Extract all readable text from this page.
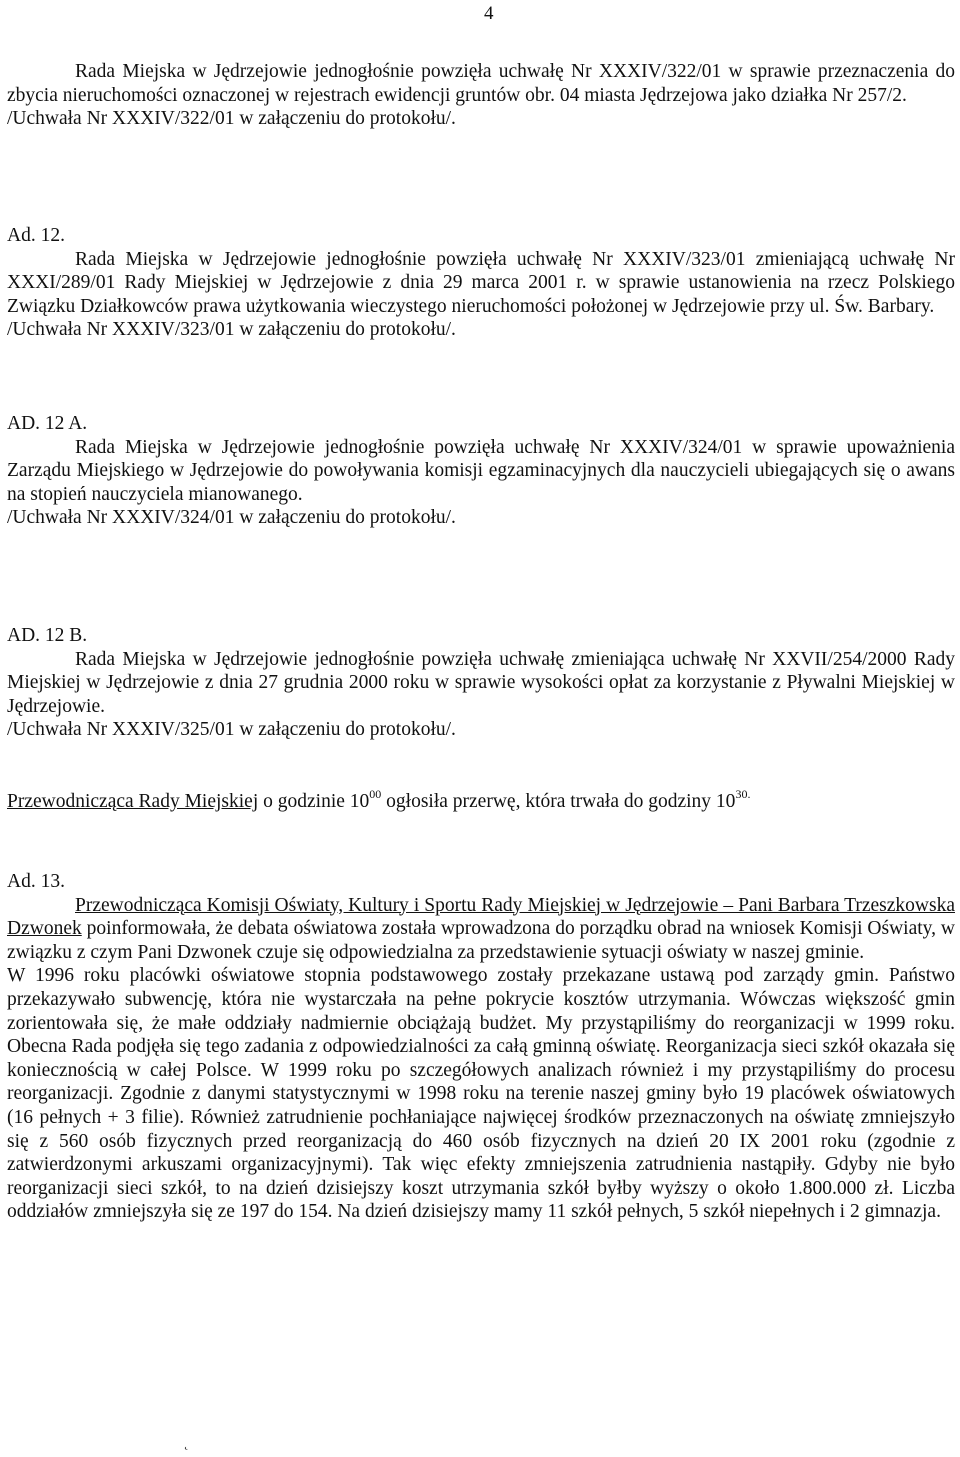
4

Rada Miejska w Jędrzejowie jednogłośnie powzięła uchwałę Nr XXXIV/322/01 w sprawie przeznaczenia do zbycia nieruchomości oznaczonej w rejestrach ewidencji gruntów obr. 04 miasta Jędrzejowa jako działka Nr 257/2.

/Uchwała Nr XXXIV/322/01 w załączeniu do protokołu/.

Ad. 12.

Rada Miejska w Jędrzejowie jednogłośnie powzięła uchwałę Nr XXXIV/323/01 zmieniającą uchwałę Nr XXXI/289/01 Rady Miejskiej w Jędrzejowie z dnia 29 marca 2001 r. w sprawie ustanowienia na rzecz Polskiego Związku Działkowców prawa użytkowania wieczystego nieruchomości położonej w Jędrzejowie przy ul. Św. Barbary.

/Uchwała Nr XXXIV/323/01 w załączeniu do protokołu/.

AD. 12 A.

Rada Miejska w Jędrzejowie jednogłośnie powzięła uchwałę Nr XXXIV/324/01 w sprawie upoważnienia Zarządu Miejskiego w Jędrzejowie do powoływania komisji egzaminacyjnych dla nauczycieli ubiegających się o awans na stopień nauczyciela mianowanego.

/Uchwała Nr XXXIV/324/01 w załączeniu do protokołu/.

AD. 12 B.

Rada Miejska w Jędrzejowie jednogłośnie powzięła uchwałę zmieniająca uchwałę Nr XXVII/254/2000 Rady Miejskiej w Jędrzejowie z dnia 27 grudnia 2000 roku w sprawie wysokości opłat za korzystanie z Pływalni Miejskiej w Jędrzejowie.

/Uchwała Nr XXXIV/325/01 w załączeniu do protokołu/.

Przewodnicząca Rady Miejskiej o godzinie $10^{00}$ ogłosiła przerwę, która trwała do godziny $10^{30.}$

Ad. 13.

Przewodnicząca Komisji Oświaty, Kultury i Sportu Rady Miejskiej w Jędrzejowie – Pani Barbara Trzeszkowska Dzwonek poinformowała, że debata oświatowa została wprowadzona do porządku obrad na wniosek Komisji Oświaty, w związku z czym Pani Dzwonek czuje się odpowiedzialna za przedstawienie sytuacji oświaty w naszej gminie.

W 1996 roku placówki oświatowe stopnia podstawowego zostały przekazane ustawą pod zarządy gmin. Państwo przekazywało subwencję, która nie wystarczała na pełne pokrycie kosztów utrzymania. Wówczas większość gmin zorientowała się, że małe oddziały nadmiernie obciążają budżet. My przystąpiliśmy do reorganizacji w 1999 roku. Obecna Rada podjęła się tego zadania z odpowiedzialności za całą gminną oświatę. Reorganizacja sieci szkół okazała się koniecznością w całej Polsce. W 1999 roku po szczegółowych analizach również i my przystąpiliśmy do procesu reorganizacji. Zgodnie z danymi statystycznymi w 1998 roku na terenie naszej gminy było 19 placówek oświatowych (16 pełnych + 3 filie). Również zatrudnienie pochłaniające najwięcej środków przeznaczonych na oświatę zmniejszyło się z 560 osób fizycznych przed reorganizacją do 460 osób fizycznych na dzień 20 IX 2001 roku (zgodnie z zatwierdzonymi arkuszami organizacyjnymi). Tak więc efekty zmniejszenia zatrudnienia nastąpiły. Gdyby nie było reorganizacji sieci szkół, to na dzień dzisiejszy koszt utrzymania szkół byłby wyższy o około 1.800.000 zł. Liczba oddziałów zmniejszyła się ze 197 do 154. Na dzień dzisiejszy mamy 11 szkół pełnych, 5 szkół niepełnych i 2 gimnazja.

˛
